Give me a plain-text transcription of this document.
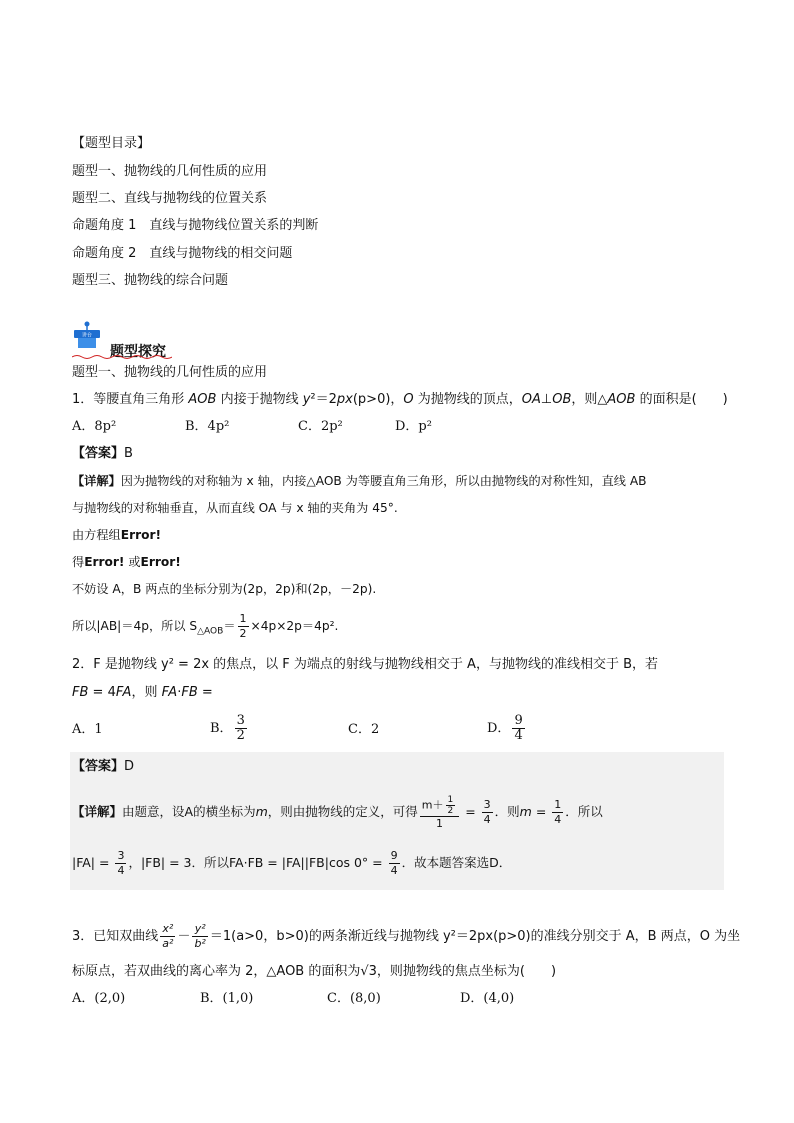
【题型目录】
题型一、抛物线的几何性质的应用
题型二、直线与抛物线的位置关系
命题角度 1　直线与抛物线位置关系的判断
命题角度 2　直线与抛物线的相交问题
题型三、抛物线的综合问题
讲台
题型探究
题型一、抛物线的几何性质的应用
1．等腰直角三角形 AOB 内接于抛物线 y²＝2px(p>0)，O 为抛物线的顶点，OA⊥OB，则△AOB 的面积是(　　)
A．8p²	B．4p²	C．2p²	D．p²
【答案】B
【详解】因为抛物线的对称轴为 x 轴，内接△AOB 为等腰直角三角形，所以由抛物线的对称性知，直线 AB
与抛物线的对称轴垂直，从而直线 OA 与 x 轴的夹角为 45°.
由方程组Error!
得Error! 或Error!
不妨设 A，B 两点的坐标分别为(2p，2p)和(2p，－2p).
所以|AB|＝4p，所以 $S_{\triangle AOB}= \frac{1}{2} \times 4p\times 2p=4p^2$.
2．F 是抛物线 y² = 2x 的焦点，以 F 为端点的射线与抛物线相交于 A，与抛物线的准线相交于 B，若
FB = 4FA，则 FA·FB =
A．1	B． $\frac{3}{2}$	C．2	D． $\frac{9}{4}$
【答案】D
【详解】由题意，设A的横坐标为m，则由抛物线的定义，可得 $\frac{m+ \frac{1}{2}}{1} = \frac{3}{4}$ ．则$m = \frac{1}{4}$ ．所以
$|FA| = \frac{3}{4}$ ，|FB| = 3．所以FA·FB = |FA||FB|cos $0^\circ = \frac{9}{4}$ ．故本题答案选D．
3．已知双曲线 $\frac{\text{x²}}{\text{a²}} - \frac{\text{y²}}{\text{b²}} =1(a>0$，b>0)的两条渐近线与抛物线 y²＝2px(p>0)的准线分别交于 A，B 两点，O 为坐
标原点，若双曲线的离心率为 2，△AOB 的面积为√3，则抛物线的焦点坐标为(　　)
A．(2,0)	B．(1,0)	C．(8,0)	D．(4,0)
